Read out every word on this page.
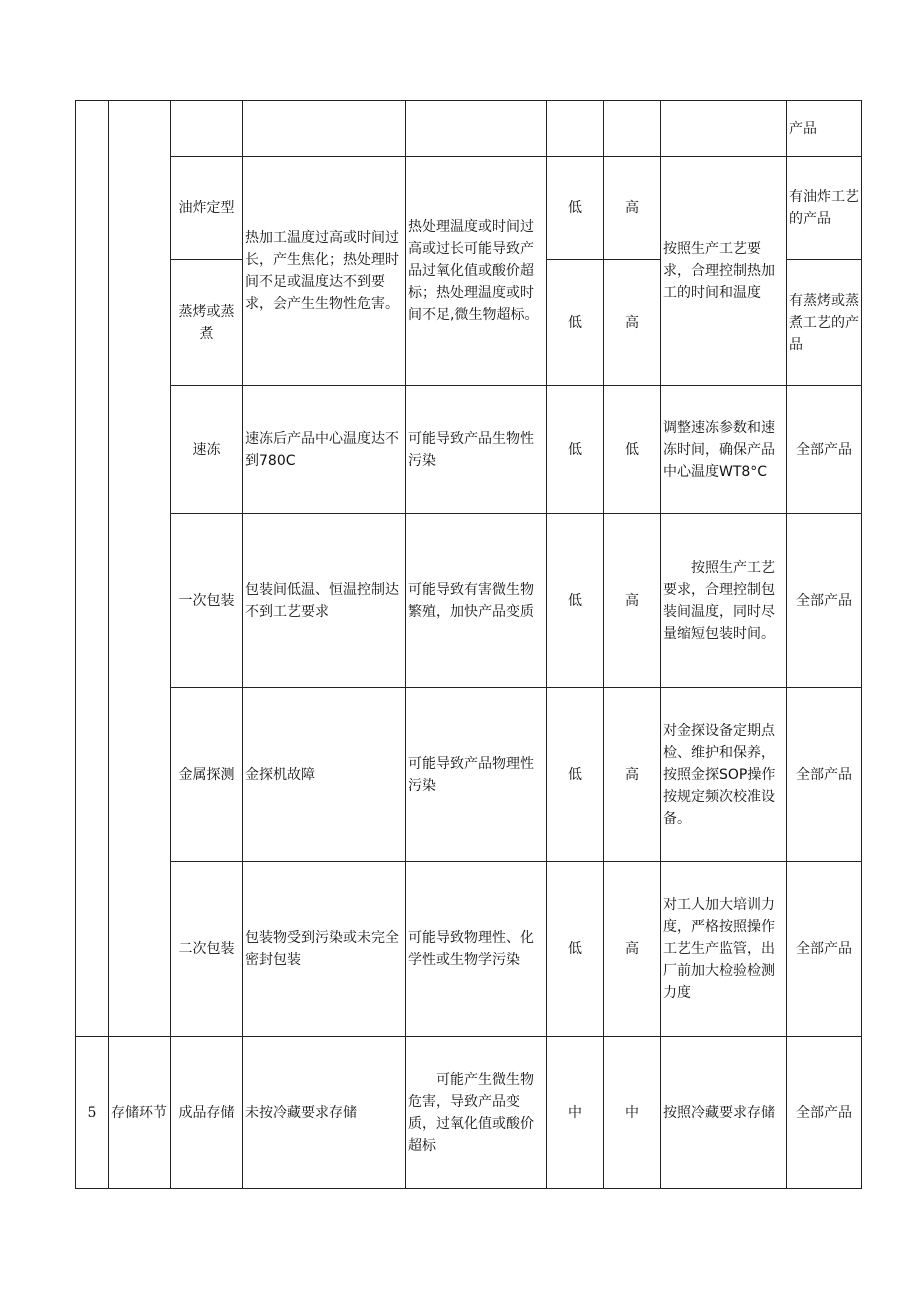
								产品
		油炸定型	热加工温度过高或时间过长，产生焦化；热处理时间不足或温度达不到要求，会产生生物性危害。	热处理温度或时间过高或过长可能导致产品过氧化值或酸价超标；热处理温度或时间不足,微生物超标。	低	高	按照生产工艺要求，合理控制热加工的时间和温度	有油炸工艺的产品
		蒸烤或蒸煮			低	高		有蒸烤或蒸煮工艺的产品
		速冻	速冻后产品中心温度达不到780C	可能导致产品生物性污染	低	低	调整速冻参数和速冻时间，确保产品中心温度WT8°C	全部产品
		一次包装	包装间低温、恒温控制达不到工艺要求	可能导致有害微生物繁殖，加快产品变质	低	高	按照生产工艺要求，合理控制包装间温度，同时尽量缩短包装时间。	全部产品
		金属探测	金探机故障	可能导致产品物理性污染	低	高	对金探设备定期点检、维护和保养，按照金探SOP操作按规定频次校准设备。	全部产品
		二次包装	包装物受到污染或未完全密封包装	可能导致物理性、化学性或生物学污染	低	高	对工人加大培训力度，严格按照操作工艺生产监管，出厂前加大检验检测力度	全部产品
5	存储环节	成品存储	未按冷藏要求存储	可能产生微生物危害，导致产品变质，过氧化值或酸价超标	中	中	按照冷藏要求存储	全部产品
